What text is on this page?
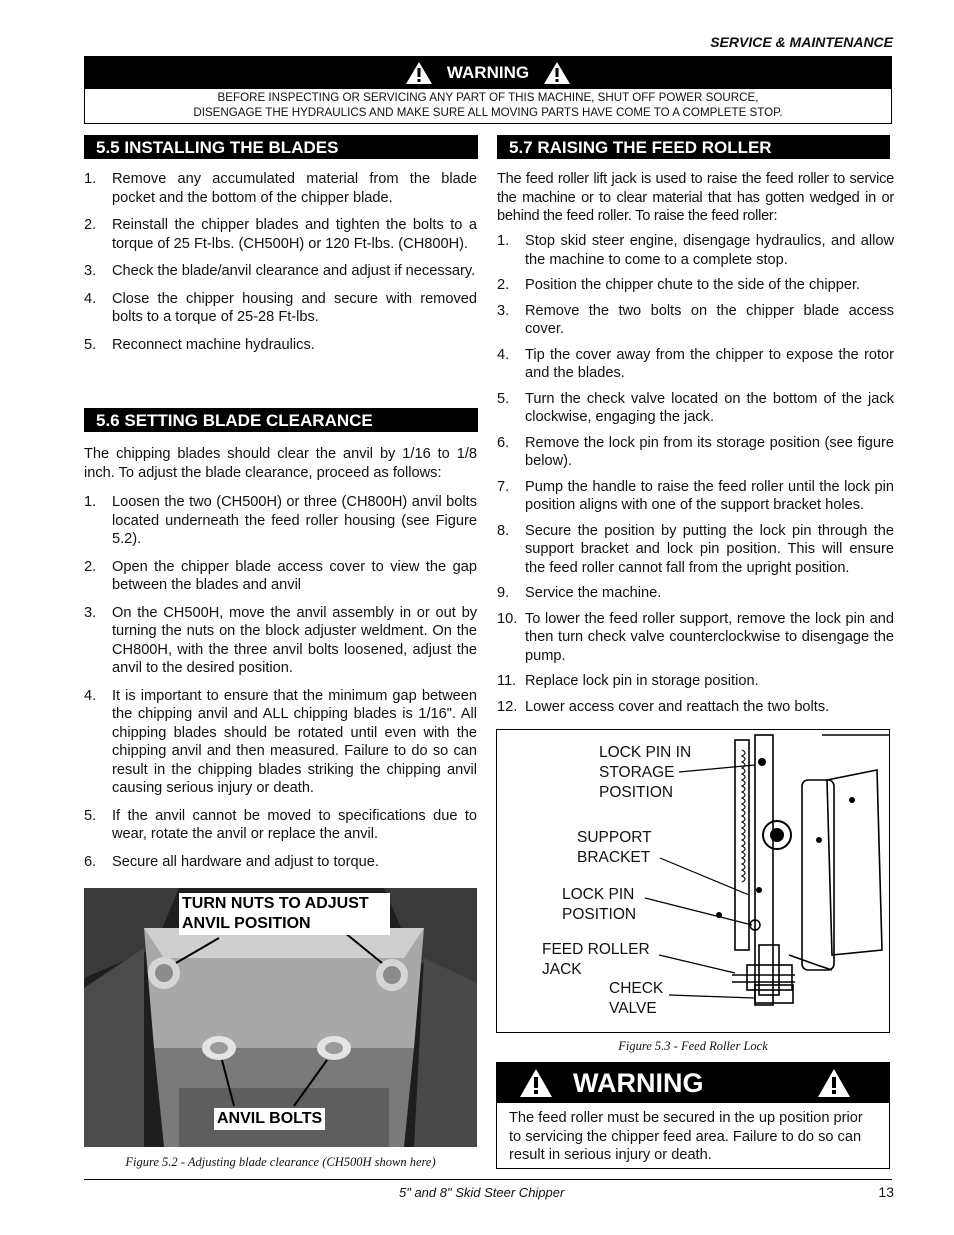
SERVICE & MAINTENANCE
WARNING
BEFORE INSPECTING OR SERVICING ANY PART OF THIS MACHINE, SHUT OFF POWER SOURCE,
DISENGAGE THE HYDRAULICS AND MAKE SURE ALL MOVING PARTS HAVE COME TO A COMPLETE STOP.
5.5 INSTALLING THE BLADES
1. Remove any accumulated material from the blade pocket and the bottom of the chipper blade.
2. Reinstall the chipper blades and tighten the bolts to a torque of 25 Ft-lbs. (CH500H) or 120 Ft-lbs. (CH800H).
3. Check the blade/anvil clearance and adjust if necessary.
4. Close the chipper housing and secure with removed bolts to a torque of 25-28 Ft-lbs.
5. Reconnect machine hydraulics.
5.6 SETTING BLADE CLEARANCE
The chipping blades should clear the anvil by 1/16 to 1/8 inch. To adjust the blade clearance, proceed as follows:
1. Loosen the two (CH500H) or three (CH800H) anvil bolts located underneath the feed roller housing (see Figure 5.2).
2. Open the chipper blade access cover to view the gap between the blades and anvil
3. On the CH500H, move the anvil assembly in or out by turning the nuts on the block adjuster weldment. On the CH800H, with the three anvil bolts loosened, adjust the anvil to the desired position.
4. It is important to ensure that the minimum gap between the chipping anvil and ALL chipping blades is 1/16". All chipping blades should be rotated until even with the chipping anvil and then measured. Failure to do so can result in the chipping blades striking the chipping anvil causing serious injury or death.
5. If the anvil cannot be moved to specifications due to wear, rotate the anvil or replace the anvil.
6. Secure all hardware and adjust to torque.
TURN NUTS TO ADJUST ANVIL POSITION
ANVIL BOLTS
Figure 5.2 - Adjusting blade clearance (CH500H shown here)
5.7 RAISING THE FEED ROLLER
The feed roller lift jack is used to raise the feed roller to service the machine or to clear material that has gotten wedged in or behind the feed roller. To raise the feed roller:
1. Stop skid steer engine, disengage hydraulics, and allow the machine to come to a complete stop.
2. Position the chipper chute to the side of the chipper.
3. Remove the two bolts on the chipper blade access cover.
4. Tip the cover away from the chipper to expose the rotor and the blades.
5. Turn the check valve located on the bottom of the jack clockwise, engaging the jack.
6. Remove the lock pin from its storage position (see figure below).
7. Pump the handle to raise the feed roller until the lock pin position aligns with one of the support bracket holes.
8. Secure the position by putting the lock pin through the support bracket and lock pin position. This will ensure the feed roller cannot fall from the upright position.
9. Service the machine.
10. To lower the feed roller support, remove the lock pin and then turn check valve counterclockwise to disengage the pump.
11. Replace lock pin in storage position.
12. Lower access cover and reattach the two bolts.
LOCK PIN IN
STORAGE
POSITION
SUPPORT
BRACKET
LOCK PIN
POSITION
FEED ROLLER
JACK
CHECK
VALVE
Figure 5.3 - Feed Roller Lock
WARNING
The feed roller must be secured in the up position prior to servicing the chipper feed area. Failure to do so can result in serious injury or death.
5" and 8" Skid Steer Chipper	13
